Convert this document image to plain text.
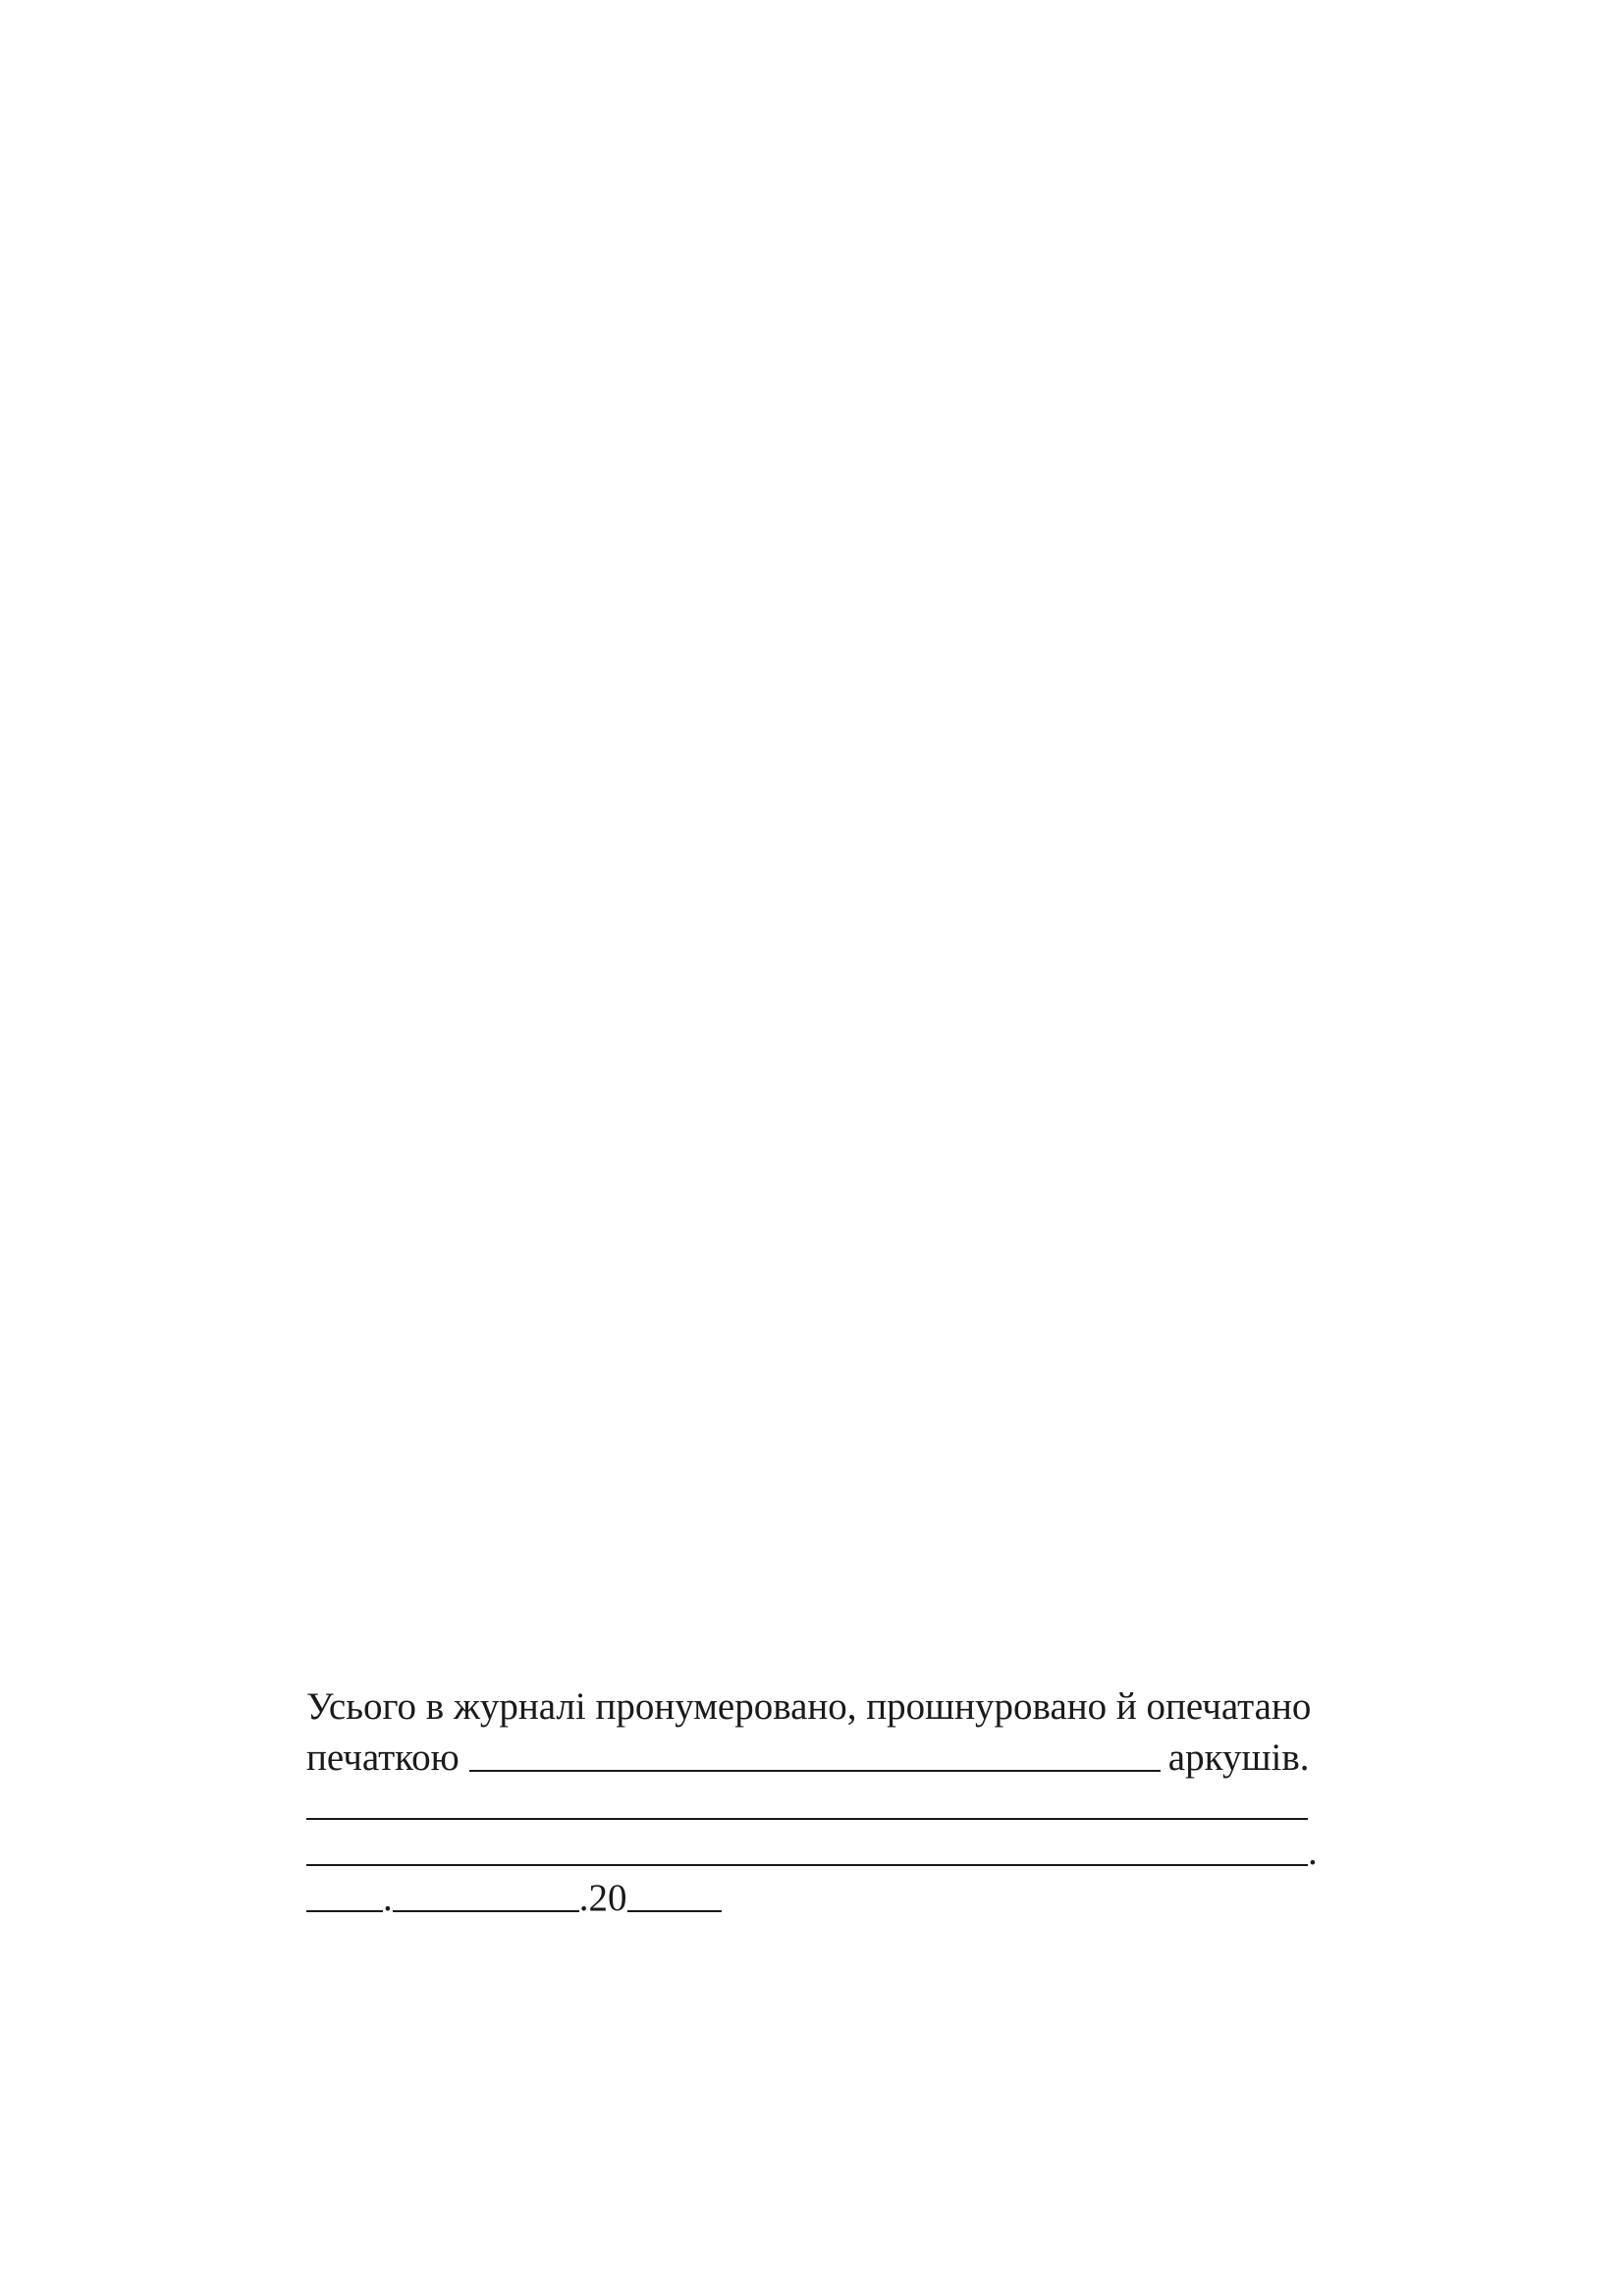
Усього в журналі пронумеровано, прошнуровано й опечатано
печаткою	аркушів.
.
.	.20
